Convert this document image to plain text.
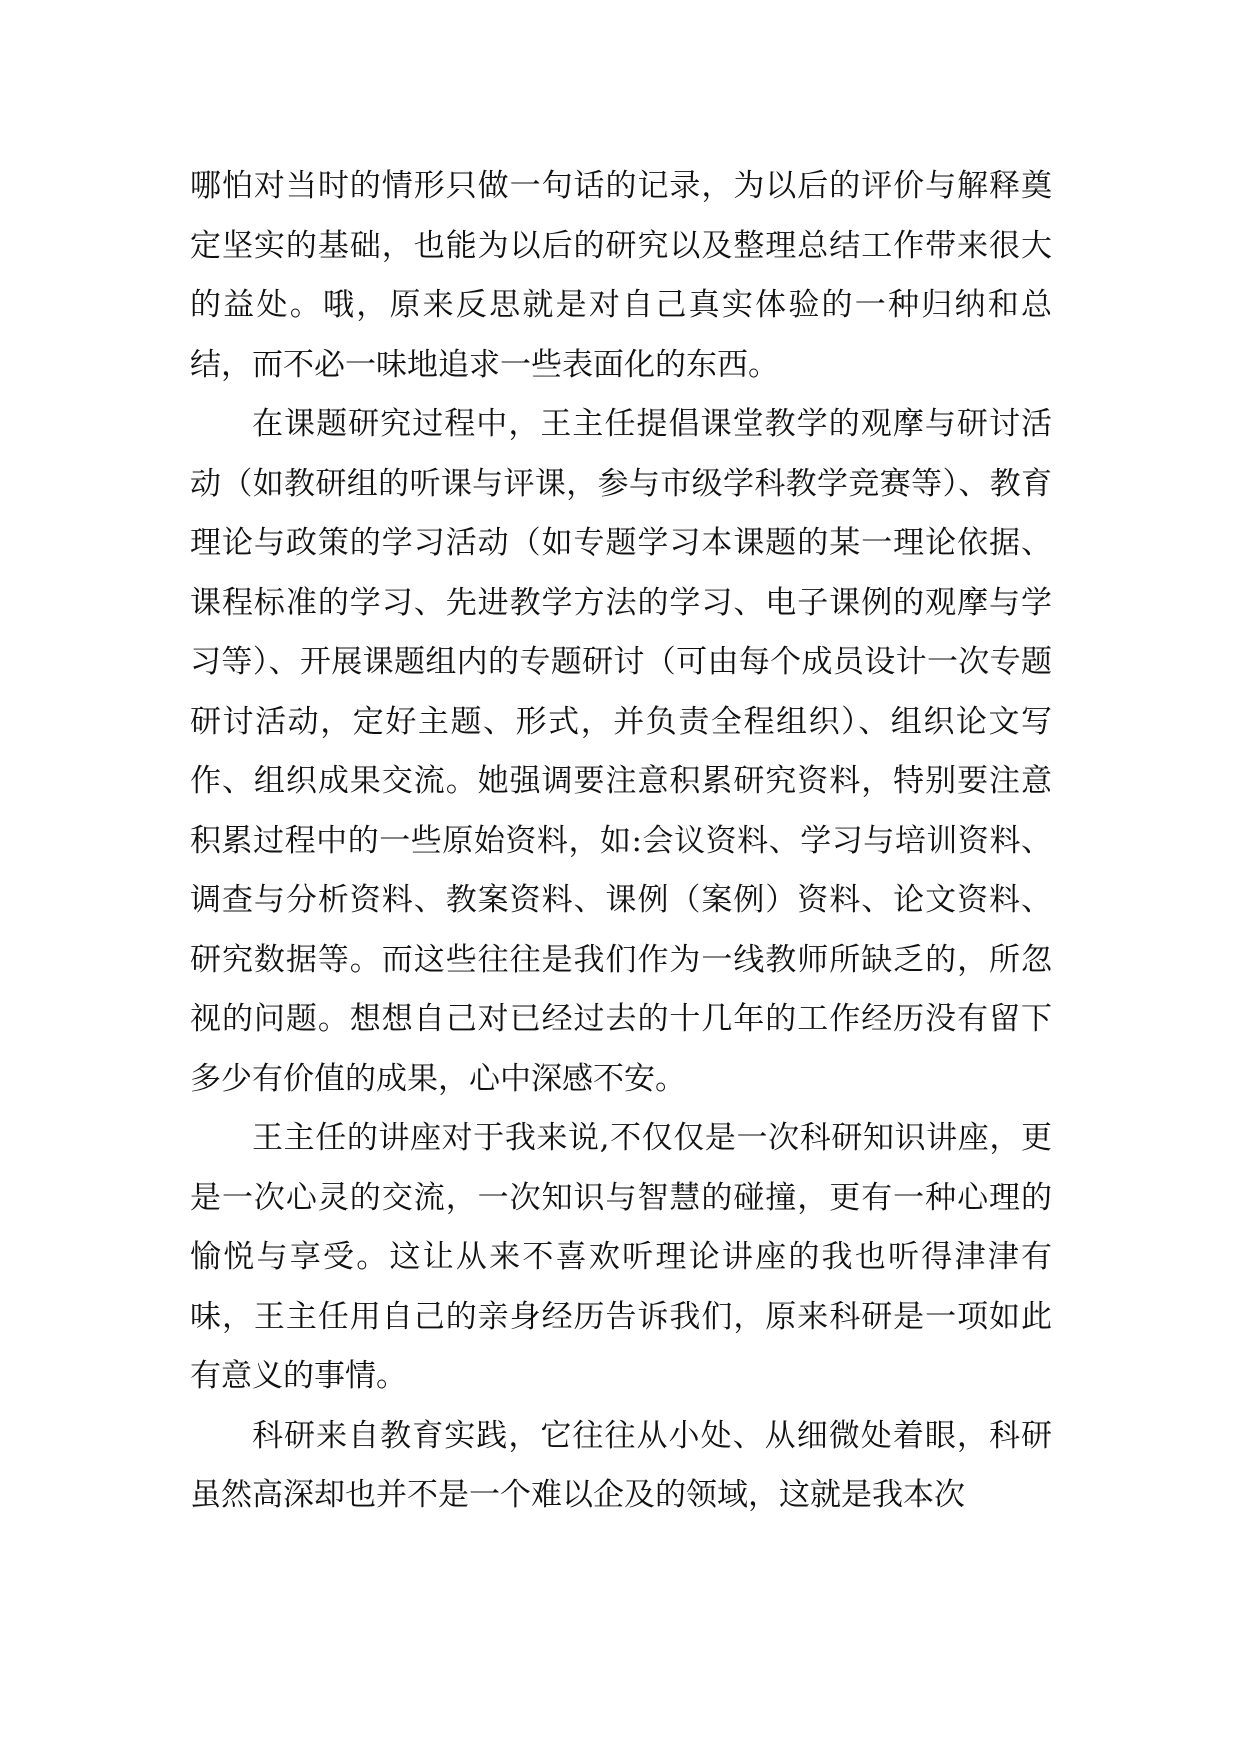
哪怕对当时的情形只做一句话的记录，为以后的评价与解释奠定坚实的基础，也能为以后的研究以及整理总结工作带来很大的益处。哦，原来反思就是对自己真实体验的一种归纳和总结，而不必一味地追求一些表面化的东西。

在课题研究过程中，王主任提倡课堂教学的观摩与研讨活动（如教研组的听课与评课，参与市级学科教学竞赛等）、教育理论与政策的学习活动（如专题学习本课题的某一理论依据、课程标准的学习、先进教学方法的学习、电子课例的观摩与学习等）、开展课题组内的专题研讨（可由每个成员设计一次专题研讨活动，定好主题、形式，并负责全程组织）、组织论文写作、组织成果交流。她强调要注意积累研究资料，特别要注意积累过程中的一些原始资料，如:会议资料、学习与培训资料、调查与分析资料、教案资料、课例（案例）资料、论文资料、研究数据等。而这些往往是我们作为一线教师所缺乏的，所忽视的问题。想想自己对已经过去的十几年的工作经历没有留下多少有价值的成果，心中深感不安。

王主任的讲座对于我来说,不仅仅是一次科研知识讲座，更是一次心灵的交流，一次知识与智慧的碰撞，更有一种心理的愉悦与享受。这让从来不喜欢听理论讲座的我也听得津津有味，王主任用自己的亲身经历告诉我们，原来科研是一项如此有意义的事情。

科研来自教育实践，它往往从小处、从细微处着眼，科研虽然高深却也并不是一个难以企及的领域，这就是我本次
